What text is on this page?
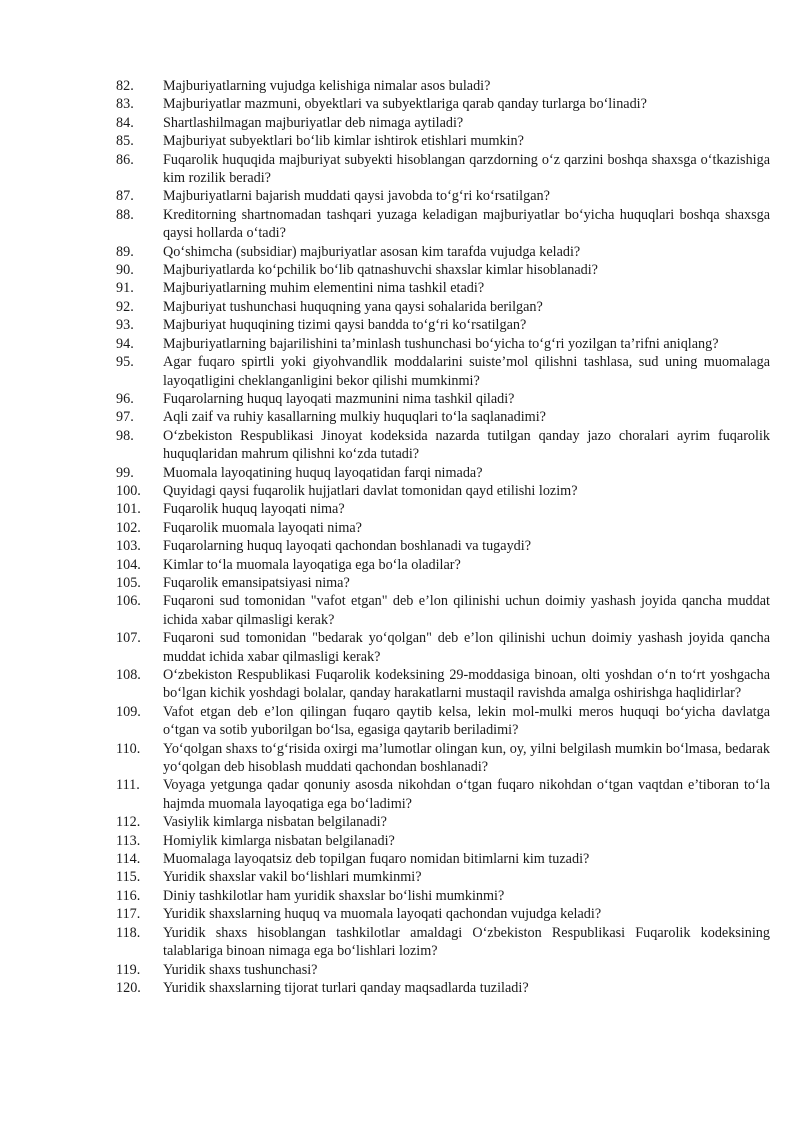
82. Majburiyatlarning vujudga kelishiga nimalar asos buladi?
83. Majburiyatlar mazmuni, obyektlari va subyektlariga qarab qanday turlarga bo‘linadi?
84. Shartlashilmagan majburiyatlar deb nimaga aytiladi?
85. Majburiyat subyektlari bo‘lib kimlar ishtirok etishlari mumkin?
86. Fuqarolik huquqida majburiyat subyekti hisoblangan qarzdorning o‘z qarzini boshqa shaxsga o‘tkazishiga kim rozilik beradi?
87. Majburiyatlarni bajarish muddati qaysi javobda to‘g‘ri ko‘rsatilgan?
88. Kreditorning shartnomadan tashqari yuzaga keladigan majburiyatlar bo‘yicha huquqlari boshqa shaxsga qaysi hollarda o‘tadi?
89. Qo‘shimcha (subsidiar) majburiyatlar asosan kim tarafda vujudga keladi?
90. Majburiyatlarda ko‘pchilik bo‘lib qatnashuvchi shaxslar kimlar hisoblanadi?
91. Majburiyatlarning muhim elementini nima tashkil etadi?
92. Majburiyat tushunchasi huquqning yana qaysi sohalarida berilgan?
93. Majburiyat huquqining tizimi qaysi bandda to‘g‘ri ko‘rsatilgan?
94. Majburiyatlarning bajarilishini ta’minlash tushunchasi bo‘yicha to‘g‘ri yozilgan ta’rifni aniqlang?
95. Agar fuqaro spirtli yoki giyohvandlik moddalarini suiste’mol qilishni tashlasa, sud uning muomalaga layoqatligini cheklanganligini bekor qilishi mumkinmi?
96. Fuqarolarning huquq layoqati mazmunini nima tashkil qiladi?
97. Aqli zaif va ruhiy kasallarning mulkiy huquqlari to‘la saqlanadimi?
98. O‘zbekiston Respublikasi Jinoyat kodeksida nazarda tutilgan qanday jazo choralari ayrim fuqarolik huquqlaridan mahrum qilishni ko‘zda tutadi?
99. Muomala layoqatining huquq layoqatidan farqi nimada?
100. Quyidagi qaysi fuqarolik hujjatlari davlat tomonidan qayd etilishi lozim?
101. Fuqarolik huquq layoqati nima?
102. Fuqarolik muomala layoqati nima?
103. Fuqarolarning huquq layoqati qachondan boshlanadi va tugaydi?
104. Kimlar to‘la muomala layoqatiga ega bo‘la oladilar?
105. Fuqarolik emansipatsiyasi nima?
106. Fuqaroni sud tomonidan "vafot etgan" deb e’lon qilinishi uchun doimiy yashash joyida qancha muddat ichida xabar qilmasligi kerak?
107. Fuqaroni sud tomonidan "bedarak yo‘qolgan" deb e’lon qilinishi uchun doimiy yashash joyida qancha muddat ichida xabar qilmasligi kerak?
108. O‘zbekiston Respublikasi Fuqarolik kodeksining 29-moddasiga binoan, olti yoshdan o‘n to‘rt yoshgacha bo‘lgan kichik yoshdagi bolalar, qanday harakatlarni mustaqil ravishda amalga oshirishga haqlidirlar?
109. Vafot etgan deb e’lon qilingan fuqaro qaytib kelsa, lekin mol-mulki meros huquqi bo‘yicha davlatga o‘tgan va sotib yuborilgan bo‘lsa, egasiga qaytarib beriladimi?
110. Yo‘qolgan shaxs to‘g‘risida oxirgi ma’lumotlar olingan kun, oy, yilni belgilash mumkin bo‘lmasa, bedarak yo‘qolgan deb hisoblash muddati qachondan boshlanadi?
111. Voyaga yetgunga qadar qonuniy asosda nikohdan o‘tgan fuqaro nikohdan o‘tgan vaqtdan e’tiboran to‘la hajmda muomala layoqatiga ega bo‘ladimi?
112. Vasiylik kimlarga nisbatan belgilanadi?
113. Homiylik kimlarga nisbatan belgilanadi?
114. Muomalaga layoqatsiz deb topilgan fuqaro nomidan bitimlarni kim tuzadi?
115. Yuridik shaxslar vakil bo‘lishlari mumkinmi?
116. Diniy tashkilotlar ham yuridik shaxslar bo‘lishi mumkinmi?
117. Yuridik shaxslarning huquq va muomala layoqati qachondan vujudga keladi?
118. Yuridik shaxs hisoblangan tashkilotlar amaldagi O‘zbekiston Respublikasi Fuqarolik kodeksining talablariga binoan nimaga ega bo‘lishlari lozim?
119. Yuridik shaxs tushunchasi?
120. Yuridik shaxslarning tijorat turlari qanday maqsadlarda tuziladi?
